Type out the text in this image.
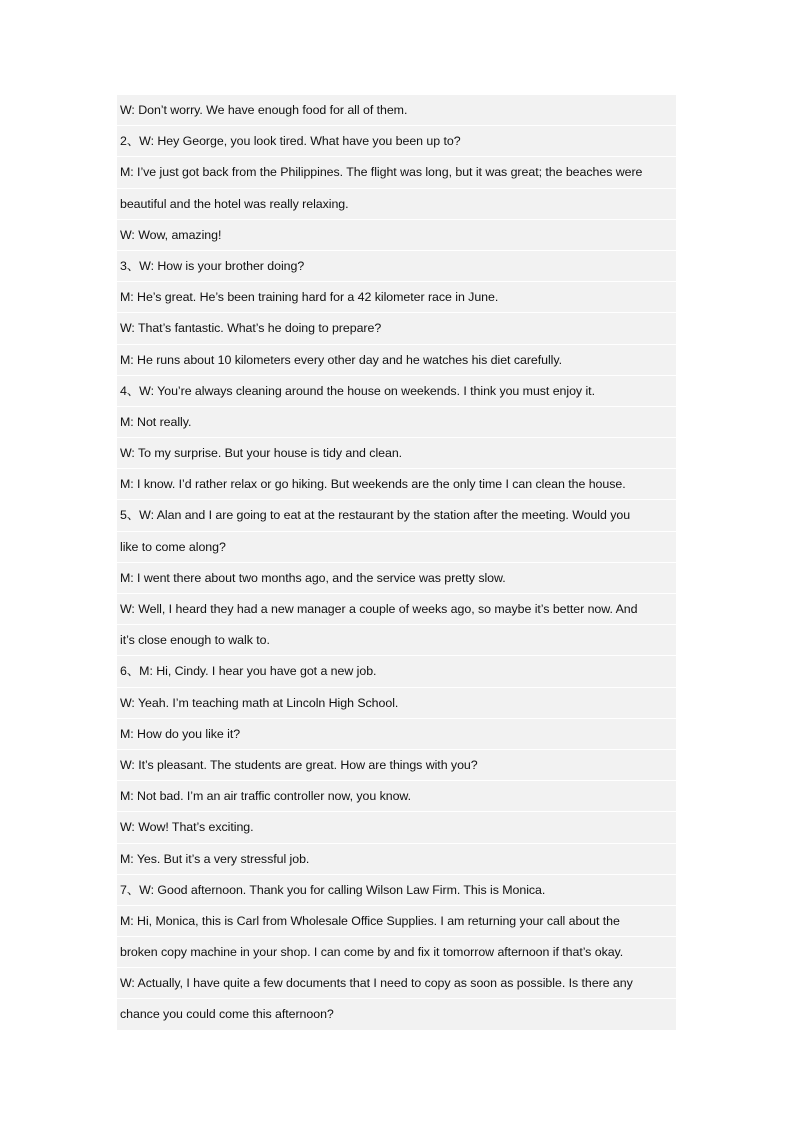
W: Don’t worry. We have enough food for all of them.
2、W: Hey George, you look tired. What have you been up to?
M: I’ve just got back from the Philippines. The flight was long, but it was great; the beaches were
beautiful and the hotel was really relaxing.
W: Wow, amazing!
3、W: How is your brother doing?
M: He’s great. He’s been training hard for a 42 kilometer race in June.
W: That’s fantastic. What’s he doing to prepare?
M: He runs about 10 kilometers every other day and he watches his diet carefully.
4、W: You’re always cleaning around the house on weekends. I think you must enjoy it.
M: Not really.
W: To my surprise. But your house is tidy and clean.
M: I know. I’d rather relax or go hiking. But weekends are the only time I can clean the house.
5、W: Alan and I are going to eat at the restaurant by the station after the meeting. Would you
like to come along?
M: I went there about two months ago, and the service was pretty slow.
W: Well, I heard they had a new manager a couple of weeks ago, so maybe it’s better now. And
it’s close enough to walk to.
6、M: Hi, Cindy. I hear you have got a new job.
W: Yeah. I’m teaching math at Lincoln High School.
M: How do you like it?
W: It’s pleasant. The students are great. How are things with you?
M: Not bad. I’m an air traffic controller now, you know.
W: Wow! That’s exciting.
M: Yes. But it’s a very stressful job.
7、W: Good afternoon. Thank you for calling Wilson Law Firm. This is Monica.
M: Hi, Monica, this is Carl from Wholesale Office Supplies. I am returning your call about the
broken copy machine in your shop. I can come by and fix it tomorrow afternoon if that’s okay.
W: Actually, I have quite a few documents that I need to copy as soon as possible. Is there any
chance you could come this afternoon?
